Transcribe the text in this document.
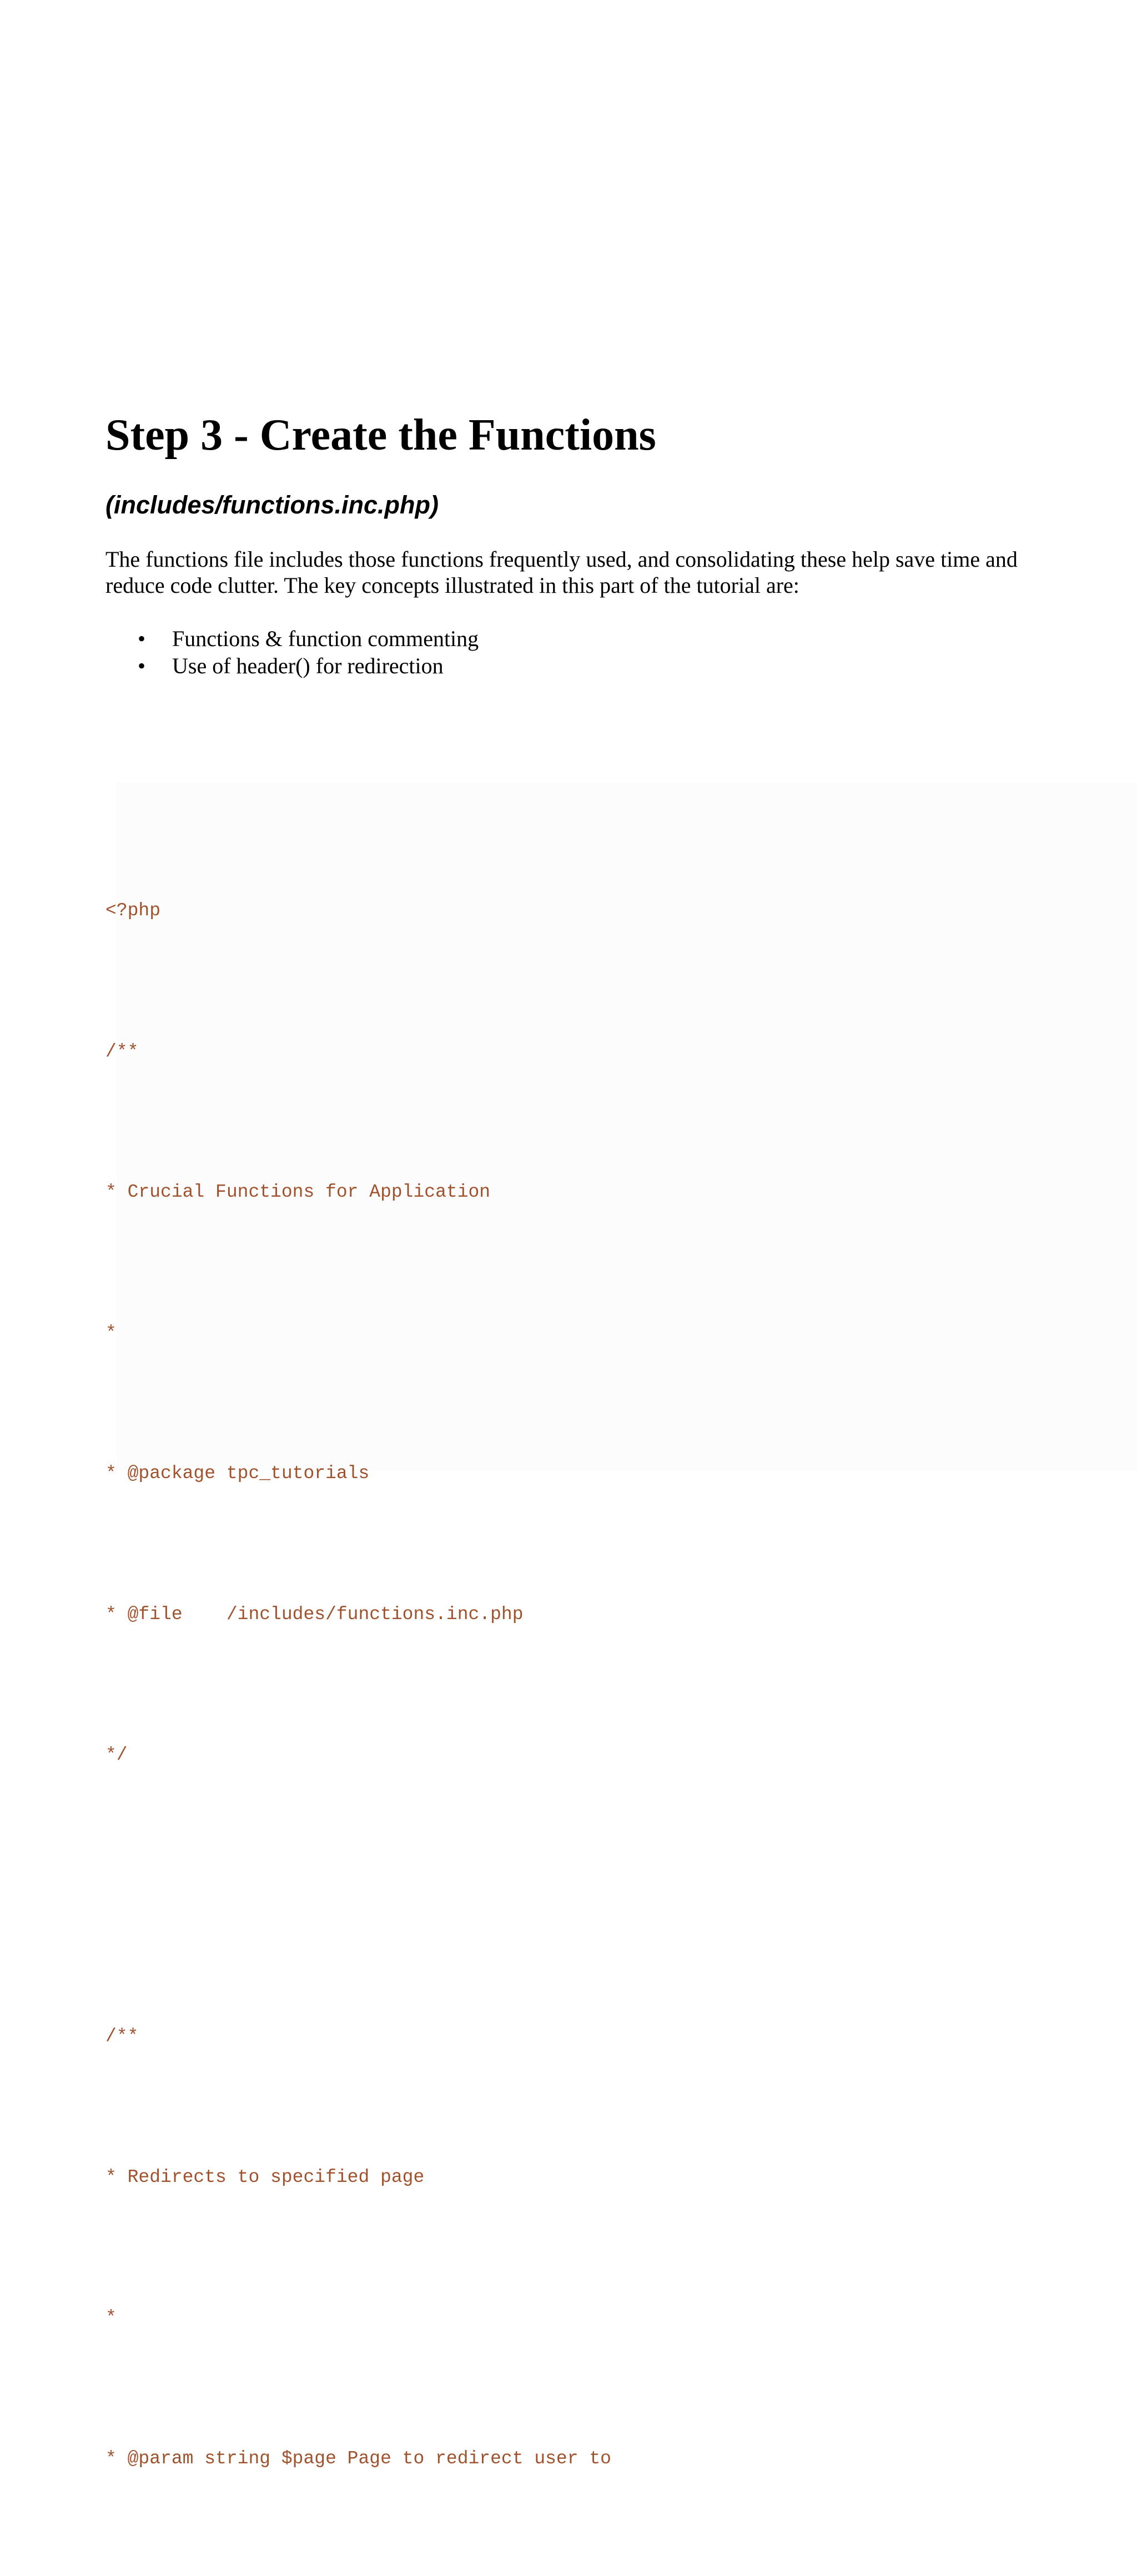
Step 3 - Create the Functions
(includes/functions.inc.php)

The functions file includes those functions frequently used, and consolidating these help save time and
reduce code clutter. The key concepts illustrated in this part of the tutorial are:

• Functions & function commenting
• Use of header() for redirection

<?php

/**

* Crucial Functions for Application

*

* @package tpc_tutorials

* @file    /includes/functions.inc.php

*/

/**

* Redirects to specified page

*

* @param string $page Page to redirect user to
